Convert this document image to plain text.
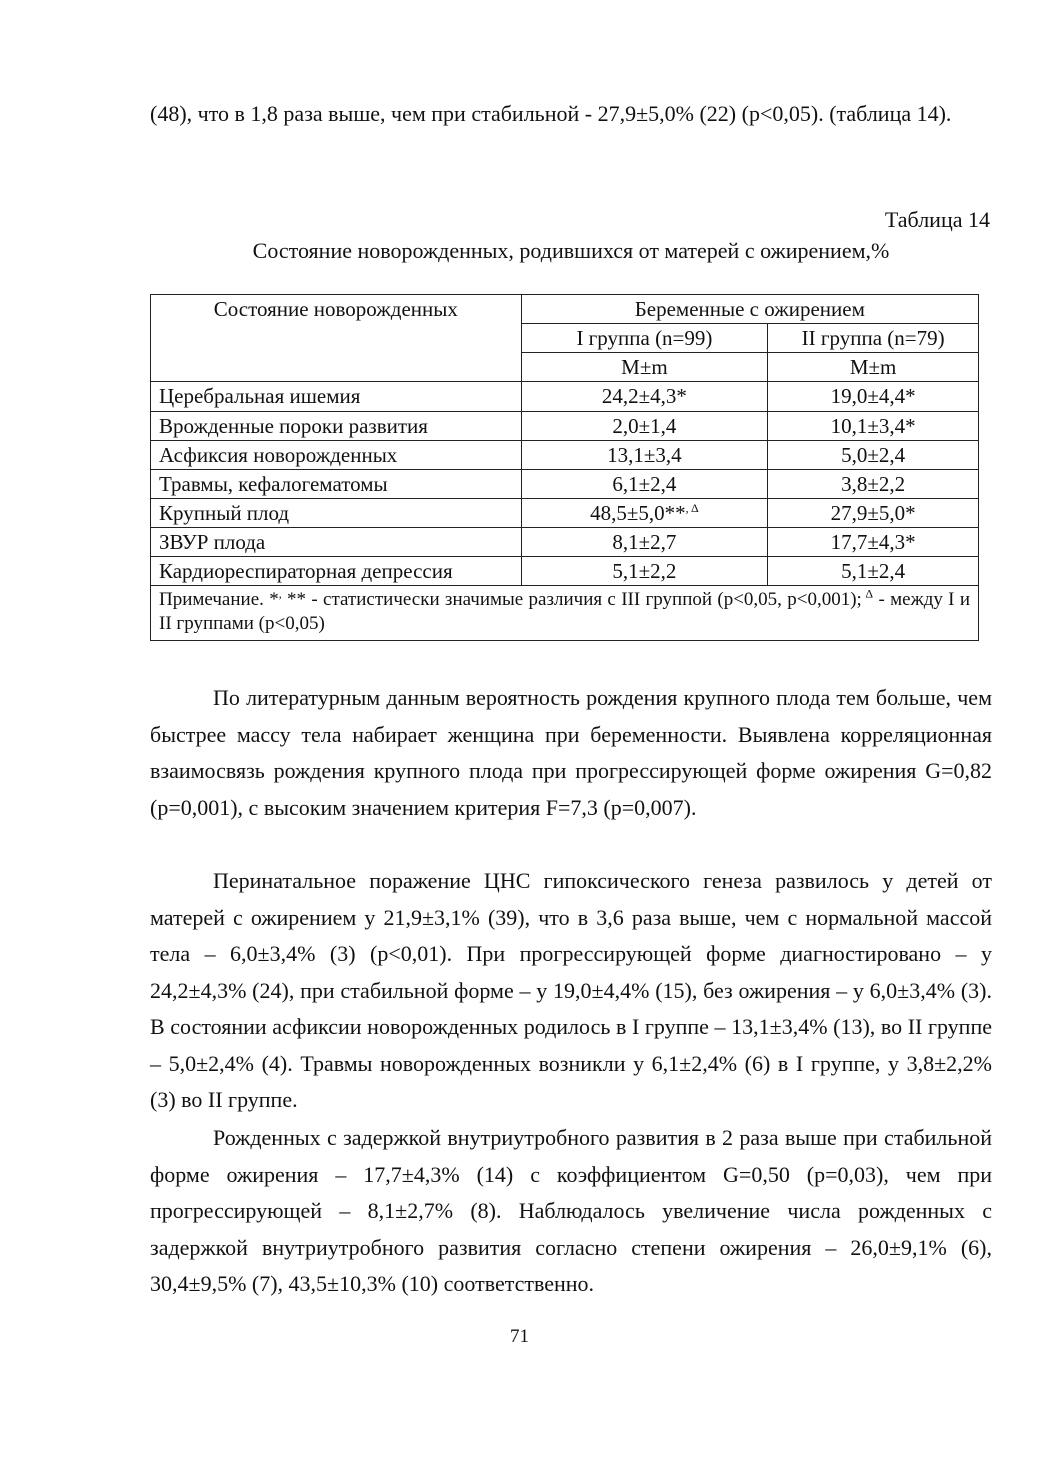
(48), что в 1,8 раза выше, чем при стабильной - 27,9±5,0% (22) (p<0,05). (таблица 14).

Таблица 14
Состояние новорожденных, родившихся от матерей с ожирением,%
Состояние новорожденных	Беременные с ожирением	
	I группа (n=99)	II группа (n=79)
	M±m	M±m
Церебральная ишемия	24,2±4,3*	19,0±4,4*
Врожденные пороки развития	2,0±1,4	10,1±3,4*
Асфиксия новорожденных	13,1±3,4	5,0±2,4
Травмы, кефалогематомы	6,1±2,4	3,8±2,2
Крупный плод	48,5±5,0**$^{, \Delta}$	27,9±5,0*
ЗВУР плода	8,1±2,7	17,7±4,3*
Кардиореспираторная депрессия	5,1±2,2	5,1±2,4
Примечание. *, ** - статистически значимые различия с III группой (p<0,05, p<0,001); $^\Delta$ - между I и II группами (p<0,05)		

По литературным данным вероятность рождения крупного плода тем больше, чем быстрее массу тела набирает женщина при беременности. Выявлена корреляционная взаимосвязь рождения крупного плода при прогрессирующей форме ожирения G=0,82 (p=0,001), с высоким значением критерия F=7,3 (p=0,007).

Перинатальное поражение ЦНС гипоксического генеза развилось у детей от матерей с ожирением у 21,9±3,1% (39), что в 3,6 раза выше, чем с нормальной массой тела – 6,0±3,4% (3) (p<0,01). При прогрессирующей форме диагностировано – у 24,2±4,3% (24), при стабильной форме – у 19,0±4,4% (15), без ожирения – у 6,0±3,4% (3). В состоянии асфиксии новорожденных родилось в I группе – 13,1±3,4% (13), во II группе – 5,0±2,4% (4). Травмы новорожденных возникли у 6,1±2,4% (6) в I группе, у 3,8±2,2% (3) во II группе.

Рожденных с задержкой внутриутробного развития в 2 раза выше при стабильной форме ожирения – 17,7±4,3% (14) с коэффициентом G=0,50 (p=0,03), чем при прогрессирующей – 8,1±2,7% (8). Наблюдалось увеличение числа рожденных с задержкой внутриутробного развития согласно степени ожирения – 26,0±9,1% (6), 30,4±9,5% (7), 43,5±10,3% (10) соответственно.

71
